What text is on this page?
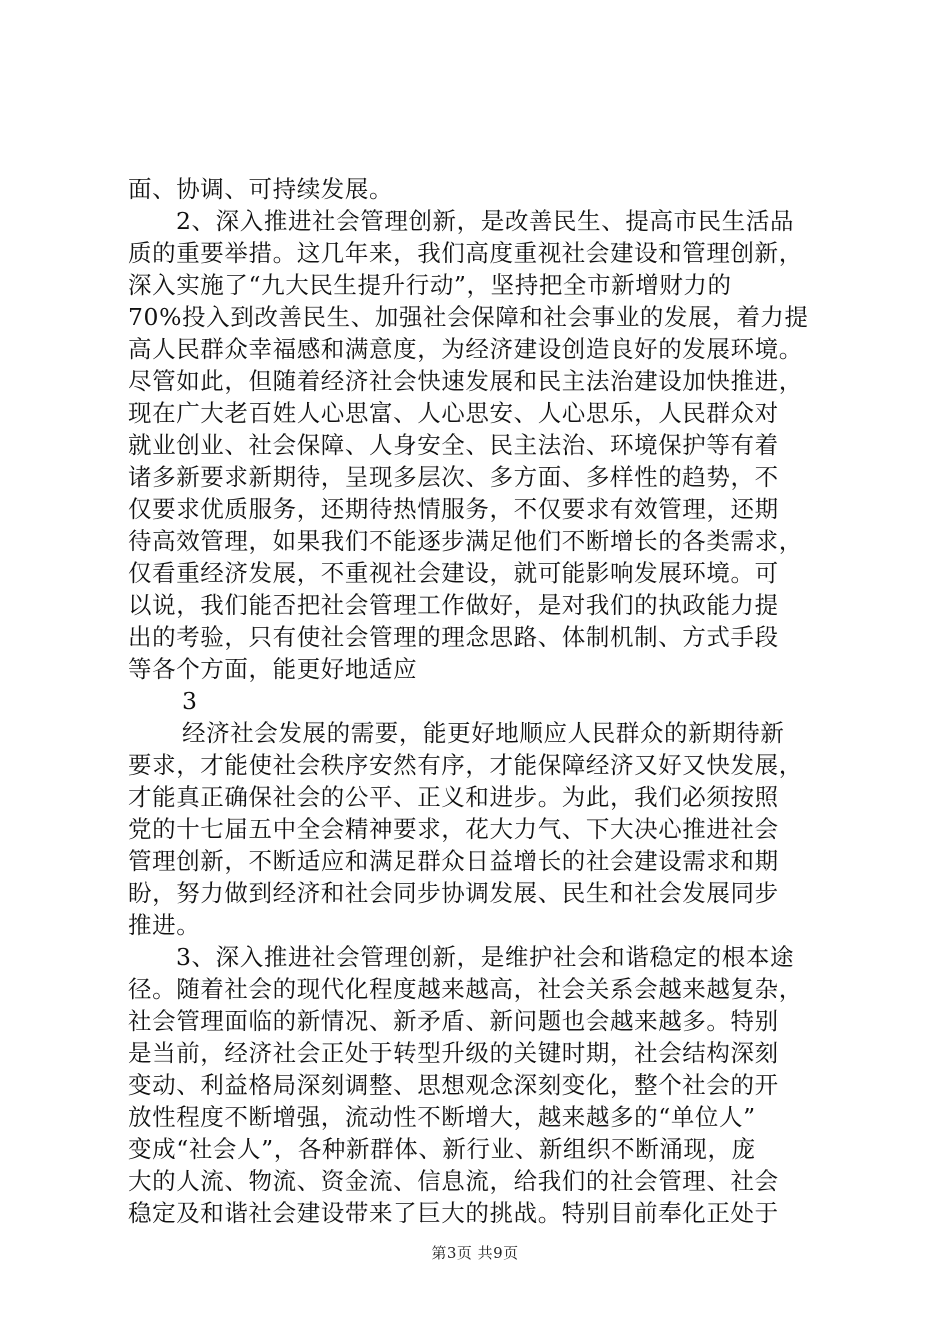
面、协调、可持续发展。
2、深入推进社会管理创新，是改善民生、提高市民生活品
质的重要举措。这几年来，我们高度重视社会建设和管理创新，
深入实施了“九大民生提升行动”，坚持把全市新增财力的
70%投入到改善民生、加强社会保障和社会事业的发展，着力提
高人民群众幸福感和满意度，为经济建设创造良好的发展环境。
尽管如此，但随着经济社会快速发展和民主法治建设加快推进，
现在广大老百姓人心思富、人心思安、人心思乐，人民群众对
就业创业、社会保障、人身安全、民主法治、环境保护等有着
诸多新要求新期待，呈现多层次、多方面、多样性的趋势，不
仅要求优质服务，还期待热情服务，不仅要求有效管理，还期
待高效管理，如果我们不能逐步满足他们不断增长的各类需求，
仅看重经济发展，不重视社会建设，就可能影响发展环境。可
以说，我们能否把社会管理工作做好，是对我们的执政能力提
出的考验，只有使社会管理的理念思路、体制机制、方式手段
等各个方面，能更好地适应
3
经济社会发展的需要，能更好地顺应人民群众的新期待新
要求，才能使社会秩序安然有序，才能保障经济又好又快发展，
才能真正确保社会的公平、正义和进步。为此，我们必须按照
党的十七届五中全会精神要求，花大力气、下大决心推进社会
管理创新，不断适应和满足群众日益增长的社会建设需求和期
盼，努力做到经济和社会同步协调发展、民生和社会发展同步
推进。
3、深入推进社会管理创新，是维护社会和谐稳定的根本途
径。随着社会的现代化程度越来越高，社会关系会越来越复杂，
社会管理面临的新情况、新矛盾、新问题也会越来越多。特别
是当前，经济社会正处于转型升级的关键时期，社会结构深刻
变动、利益格局深刻调整、思想观念深刻变化，整个社会的开
放性程度不断增强，流动性不断增大，越来越多的“单位人”
变成“社会人”，各种新群体、新行业、新组织不断涌现，庞
大的人流、物流、资金流、信息流，给我们的社会管理、社会
稳定及和谐社会建设带来了巨大的挑战。特别目前奉化正处于
第3页 共9页
